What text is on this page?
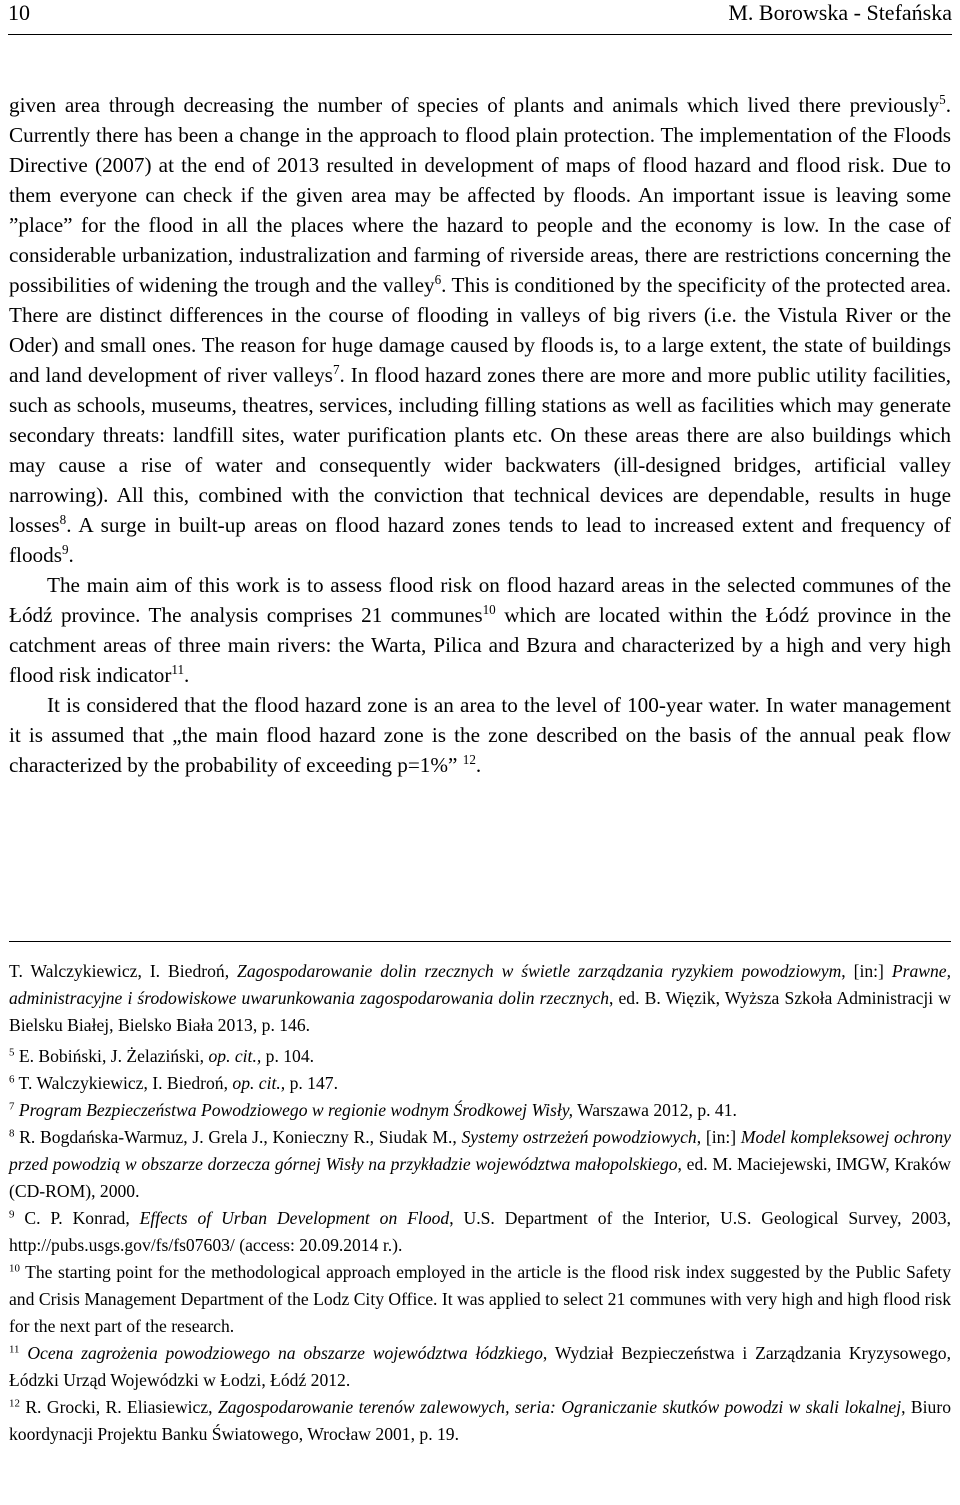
10	M. Borowska - Stefańska

given area through decreasing the number of species of plants and animals which lived there previously$^5$. Currently there has been a change in the approach to flood plain protection. The implementation of the Floods Directive (2007) at the end of 2013 resulted in development of maps of flood hazard and flood risk. Due to them everyone can check if the given area may be affected by floods. An important issue is leaving some ”place” for the flood in all the places where the hazard to people and the economy is low. In the case of considerable urbanization, industralization and farming of riverside areas, there are restrictions concerning the possibilities of widening the trough and the valley$^6$. This is conditioned by the specificity of the protected area. There are distinct differences in the course of flooding in valleys of big rivers (i.e. the Vistula River or the Oder) and small ones. The reason for huge damage caused by floods is, to a large extent, the state of buildings and land development of river valleys$^7$. In flood hazard zones there are more and more public utility facilities, such as schools, museums, theatres, services, including filling stations as well as facilities which may generate secondary threats: landfill sites, water purification plants etc. On these areas there are also buildings which may cause a rise of water and consequently wider backwaters (ill-designed bridges, artificial valley narrowing). All this, combined with the conviction that technical devices are dependable, results in huge losses$^8$. A surge in built-up areas on flood hazard zones tends to lead to increased extent and frequency of floods$^9$.

The main aim of this work is to assess flood risk on flood hazard areas in the selected communes of the Łódź province. The analysis comprises 21 communes$^{10}$ which are located within the Łódź province in the catchment areas of three main rivers: the Warta, Pilica and Bzura and characterized by a high and very high flood risk indicator$^{11}$.

It is considered that the flood hazard zone is an area to the level of 100-year water. In water management it is assumed that „the main flood hazard zone is the zone described on the basis of the annual peak flow characterized by the probability of exceeding p=1%” $^{12}$.

T. Walczykiewicz, I. Biedroń, Zagospodarowanie dolin rzecznych w świetle zarządzania ryzykiem powodziowym, [in:] Prawne, administracyjne i środowiskowe uwarunkowania zagospodarowania dolin rzecznych, ed. B. Więzik, Wyższa Szkoła Administracji w Bielsku Białej, Bielsko Biała 2013, p. 146.

$^5$ E. Bobiński, J. Żelaziński, op. cit., p. 104.

$^6$ T. Walczykiewicz, I. Biedroń, op. cit., p. 147.

$^7$ Program Bezpieczeństwa Powodziowego w regionie wodnym Środkowej Wisły, Warszawa 2012, p. 41.

$^8$ R. Bogdańska-Warmuz, J. Grela J., Konieczny R., Siudak M., Systemy ostrzeżeń powodziowych, [in:] Model kompleksowej ochrony przed powodzią w obszarze dorzecza górnej Wisły na przykładzie województwa małopolskiego, ed. M. Maciejewski, IMGW, Kraków (CD-ROM), 2000.

$^9$ C. P. Konrad, Effects of Urban Development on Flood, U.S. Department of the Interior, U.S. Geological Survey, 2003, http://pubs.usgs.gov/fs/fs07603/ (access: 20.09.2014 r.).

$^{10}$ The starting point for the methodological approach employed in the article is the flood risk index suggested by the Public Safety and Crisis Management Department of the Lodz City Office. It was applied to select 21 communes with very high and high flood risk for the next part of the research.

$^{11}$ Ocena zagrożenia powodziowego na obszarze województwa łódzkiego, Wydział Bezpieczeństwa i Zarządzania Kryzysowego, Łódzki Urząd Wojewódzki w Łodzi, Łódź 2012.

$^{12}$ R. Grocki, R. Eliasiewicz, Zagospodarowanie terenów zalewowych, seria: Ograniczanie skutków powodzi w skali lokalnej, Biuro koordynacji Projektu Banku Światowego, Wrocław 2001, p. 19.
